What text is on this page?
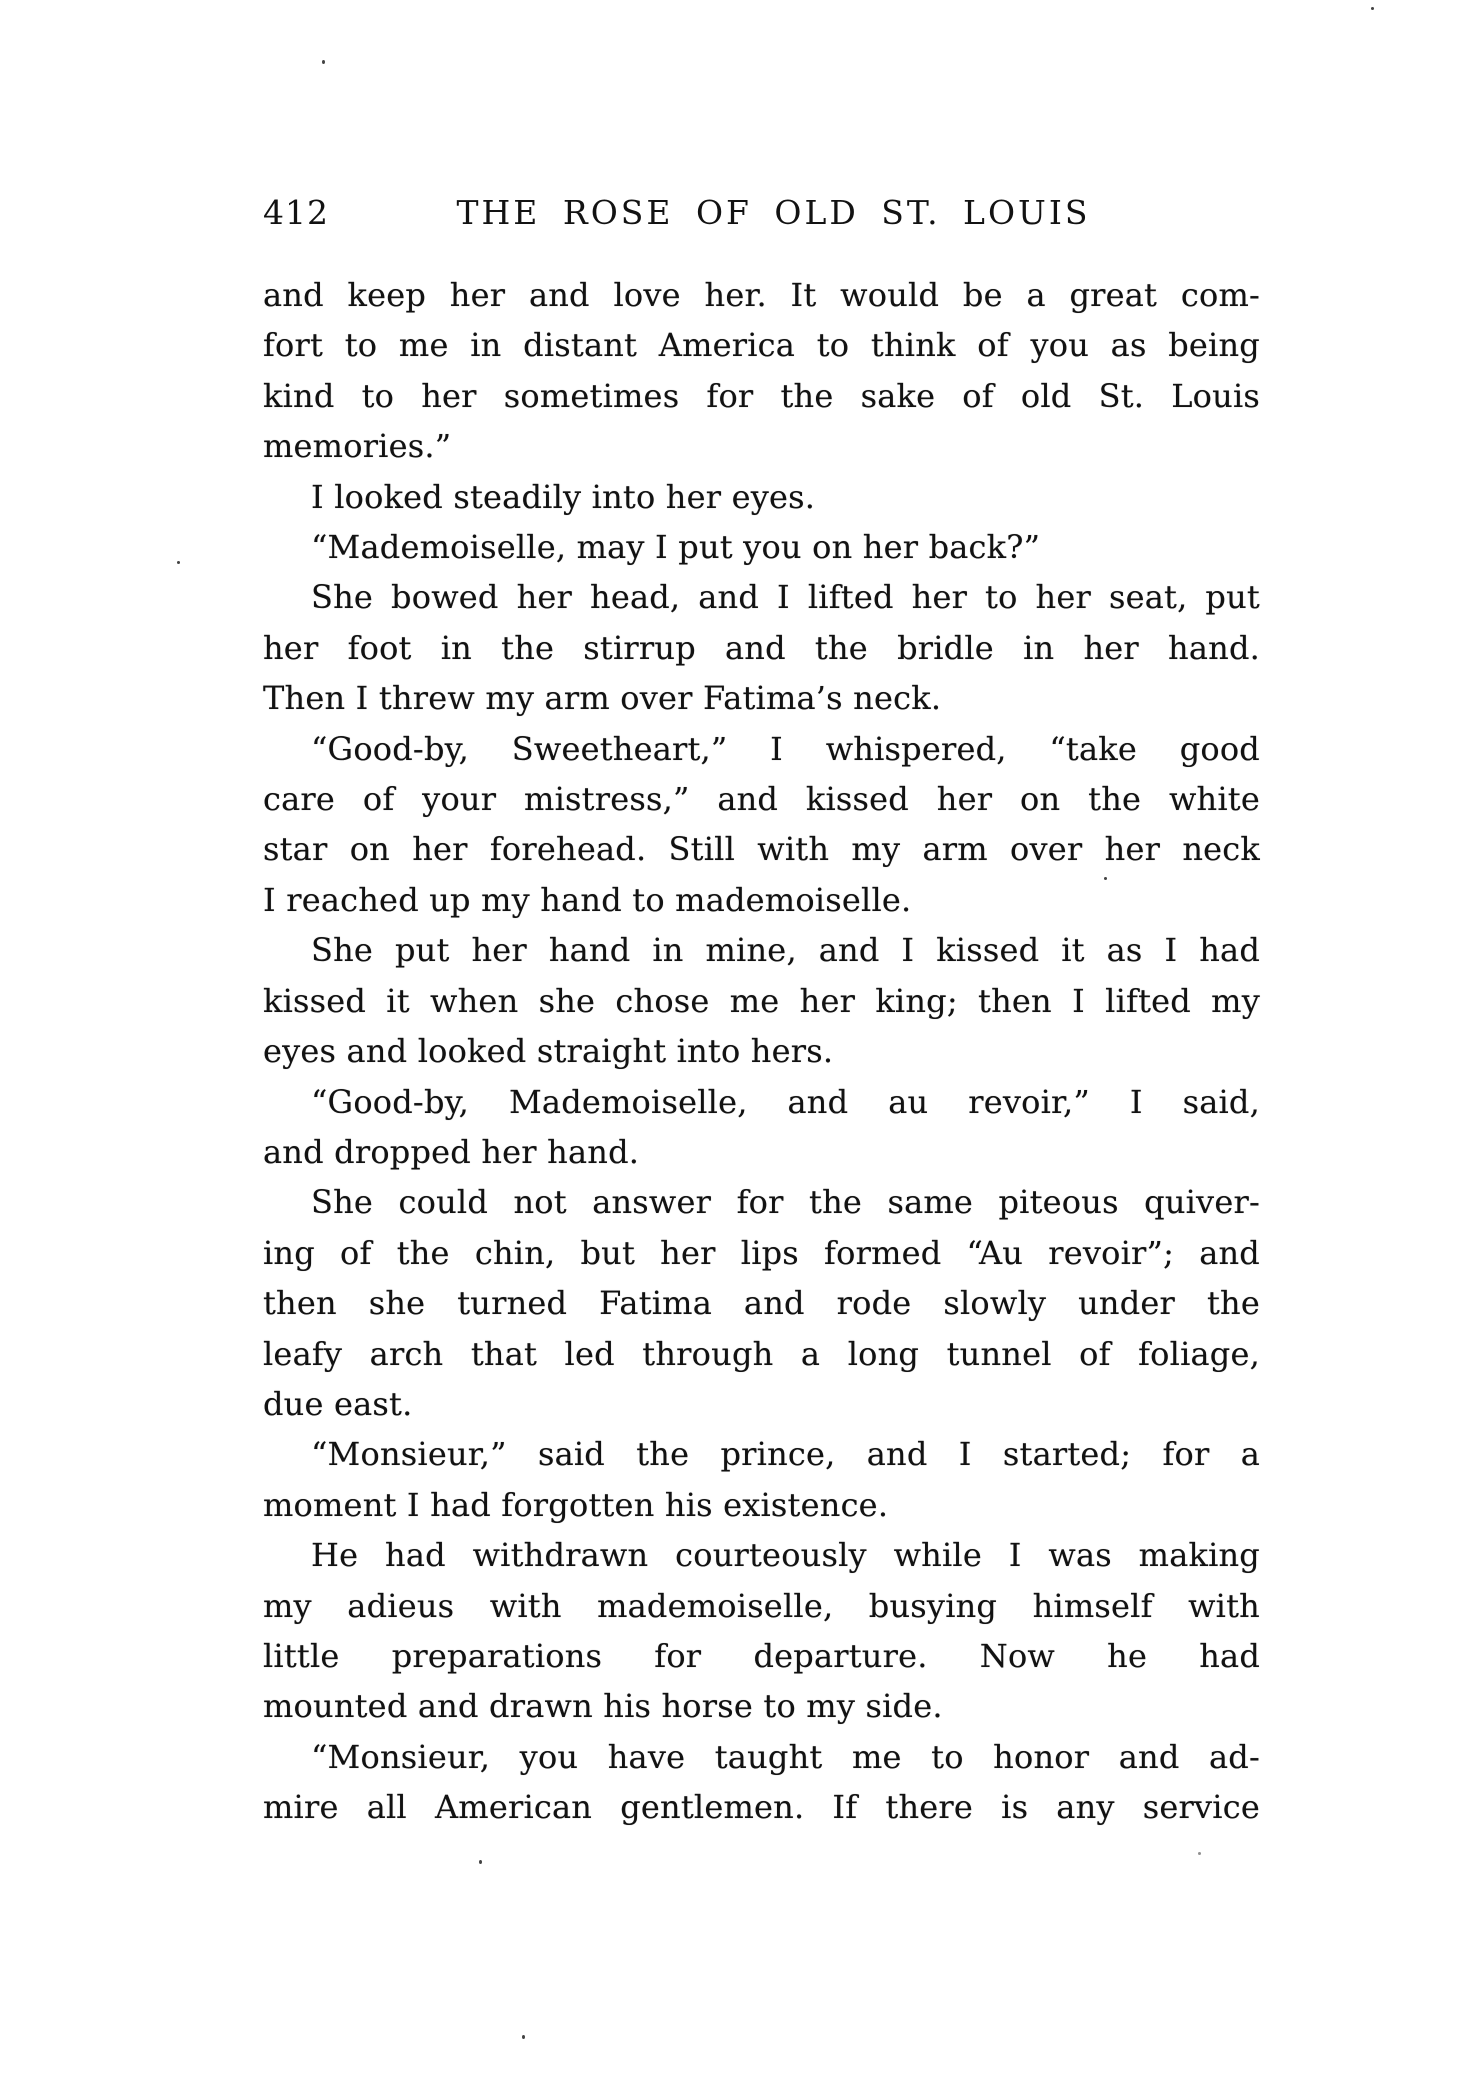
412	THE ROSE OF OLD ST. LOUIS

and keep her and love her. It would be a great com-
fort to me in distant America to think of you as being
kind to her sometimes for the sake of old St. Louis
memories.”

I looked steadily into her eyes.

“Mademoiselle, may I put you on her back?”

She bowed her head, and I lifted her to her seat, put
her foot in the stirrup and the bridle in her hand.
Then I threw my arm over Fatima’s neck.

“Good-by, Sweetheart,” I whispered, “take good
care of your mistress,” and kissed her on the white
star on her forehead. Still with my arm over her neck
I reached up my hand to mademoiselle.

She put her hand in mine, and I kissed it as I had
kissed it when she chose me her king; then I lifted my
eyes and looked straight into hers.

“Good-by, Mademoiselle, and au revoir,” I said,
and dropped her hand.

She could not answer for the same piteous quiver-
ing of the chin, but her lips formed “Au revoir”; and
then she turned Fatima and rode slowly under the
leafy arch that led through a long tunnel of foliage,
due east.

“Monsieur,” said the prince, and I started; for a
moment I had forgotten his existence.

He had withdrawn courteously while I was making
my adieus with mademoiselle, busying himself with
little preparations for departure. Now he had
mounted and drawn his horse to my side.

“Monsieur, you have taught me to honor and ad-
mire all American gentlemen. If there is any service
